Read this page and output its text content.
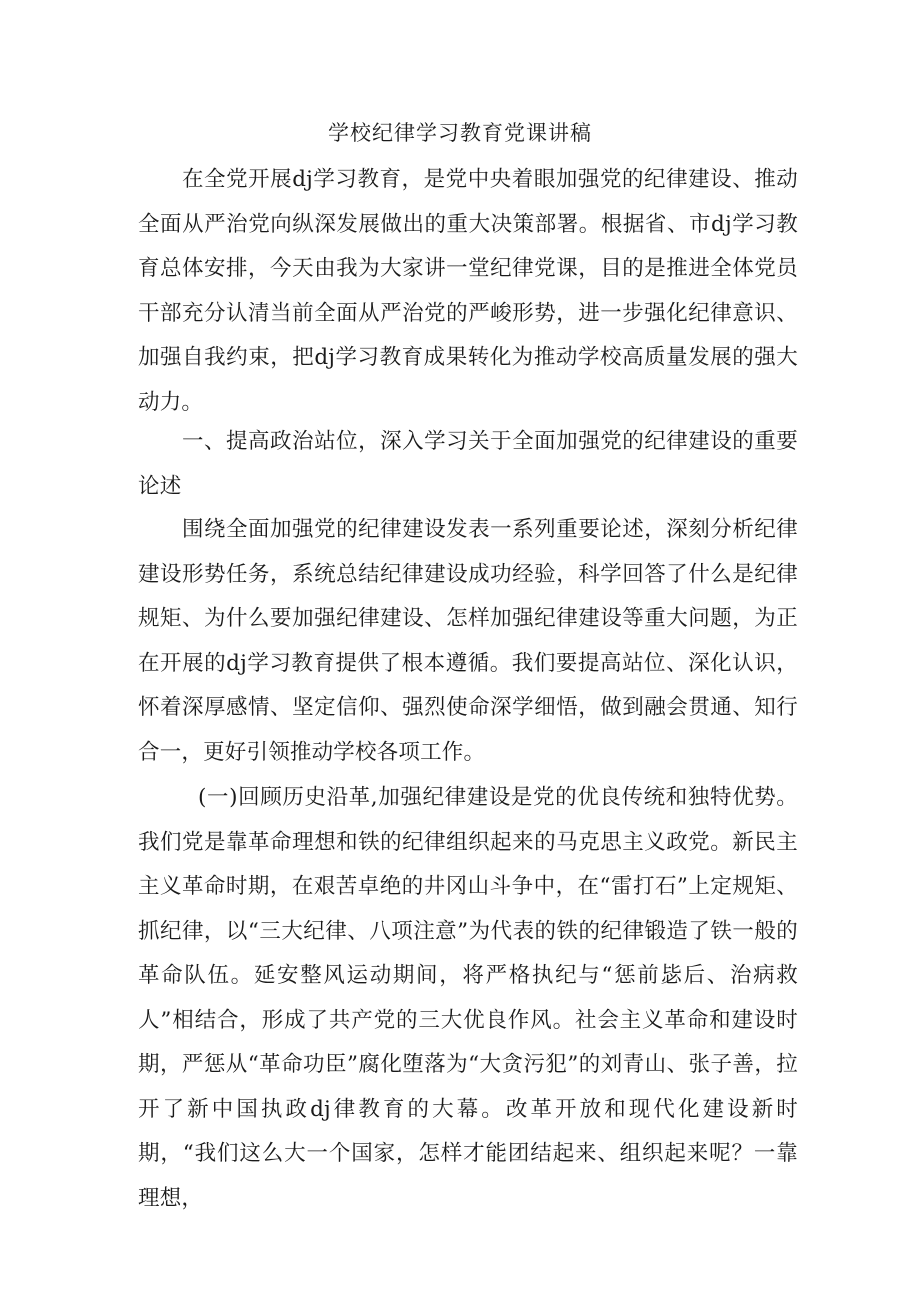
学校纪律学习教育党课讲稿

在全党开展dj学习教育，是党中央着眼加强党的纪律建设、推动全面从严治党向纵深发展做出的重大决策部署。根据省、市dj学习教育总体安排，今天由我为大家讲一堂纪律党课，目的是推进全体党员干部充分认清当前全面从严治党的严峻形势，进一步强化纪律意识、加强自我约束，把dj学习教育成果转化为推动学校高质量发展的强大动力。

一、提高政治站位，深入学习关于全面加强党的纪律建设的重要论述

围绕全面加强党的纪律建设发表一系列重要论述，深刻分析纪律建设形势任务，系统总结纪律建设成功经验，科学回答了什么是纪律规矩、为什么要加强纪律建设、怎样加强纪律建设等重大问题，为正在开展的dj学习教育提供了根本遵循。我们要提高站位、深化认识，怀着深厚感情、坚定信仰、强烈使命深学细悟，做到融会贯通、知行合一，更好引领推动学校各项工作。

(一)回顾历史沿革,加强纪律建设是党的优良传统和独特优势。我们党是靠革命理想和铁的纪律组织起来的马克思主义政党。新民主主义革命时期，在艰苦卓绝的井冈山斗争中，在“雷打石”上定规矩、抓纪律，以“三大纪律、八项注意”为代表的铁的纪律锻造了铁一般的革命队伍。延安整风运动期间，将严格执纪与“惩前毖后、治病救人”相结合，形成了共产党的三大优良作风。社会主义革命和建设时期，严惩从“革命功臣”腐化堕落为“大贪污犯”的刘青山、张子善，拉开了新中国执政dj律教育的大幕。改革开放和现代化建设新时期，“我们这么大一个国家，怎样才能团结起来、组织起来呢？一靠理想，
